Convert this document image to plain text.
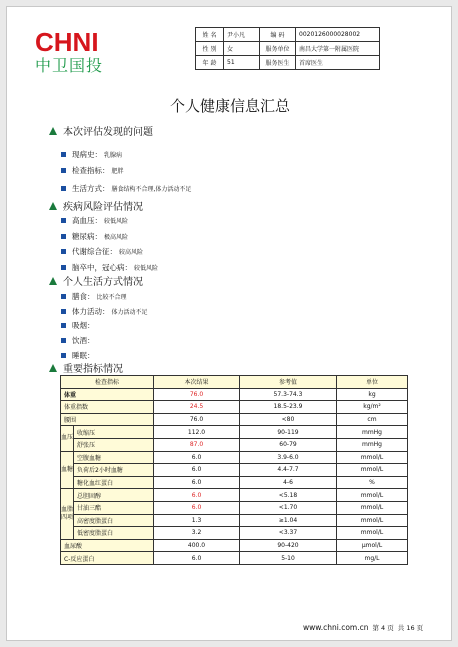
CHNI
中卫国投
姓 名	尹小凡	编 码	0020126000028002
性 别	女	服务单位	南昌大学第一附属医院
年 龄	51	服务医生	首席医生
个人健康信息汇总
本次评估发现的问题
现病史： 乳腺病
检查指标： 肥胖
生活方式： 膳食结构不合理,体力活动不足
疾病风险评估情况
高血压： 较低风险
糖尿病： 极高风险
代谢综合征： 较高风险
脑卒中，冠心病： 较低风险
个人生活方式情况
膳食： 比较不合理
体力活动： 体力活动不足
吸烟：
饮酒：
睡眠：
重要指标情况
检查指标		本次结果	参考值	单位
体重		76.0	57.3-74.3	kg
体重指数		24.5	18.5-23.9	kg/m²
腰围		76.0	<80	cm
血压	收缩压	112.0	90-119	mmHg
	舒张压	87.0	60-79	mmHg
血糖	空腹血糖	6.0	3.9-6.0	mmol/L
	负荷后2小时血糖	6.0	4.4-7.7	mmol/L
	糖化血红蛋白	6.0	4-6	%
血脂四项	总胆固醇	6.0	<5.18	mmol/L
	甘油三酯	6.0	<1.70	mmol/L
	高密度脂蛋白	1.3	≥1.04	mmol/L
	低密度脂蛋白	3.2	<3.37	mmol/L
血尿酸		400.0	90-420	μmol/L
C-反应蛋白		6.0	5-10	mg/L
www.chni.com.cn 第 4 页 共 16 页
